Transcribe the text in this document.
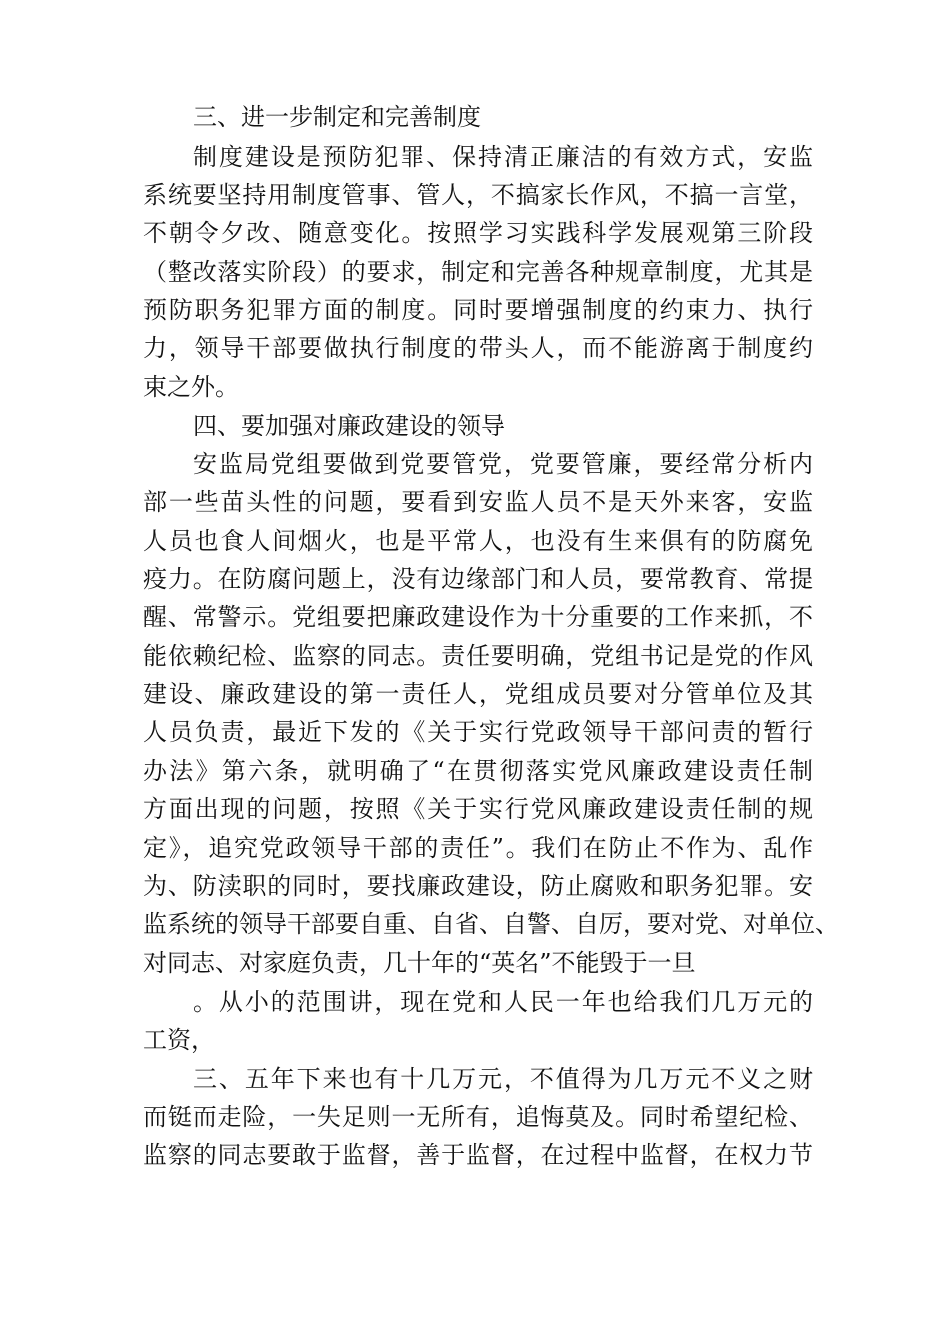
三、进一步制定和完善制度
制度建设是预防犯罪、保持清正廉洁的有效方式，安监
系统要坚持用制度管事、管人，不搞家长作风，不搞一言堂，
不朝令夕改、随意变化。按照学习实践科学发展观第三阶段
（整改落实阶段）的要求，制定和完善各种规章制度，尤其是
预防职务犯罪方面的制度。同时要增强制度的约束力、执行
力，领导干部要做执行制度的带头人，而不能游离于制度约
束之外。
四、要加强对廉政建设的领导
安监局党组要做到党要管党，党要管廉，要经常分析内
部一些苗头性的问题，要看到安监人员不是天外来客，安监
人员也食人间烟火，也是平常人，也没有生来俱有的防腐免
疫力。在防腐问题上，没有边缘部门和人员，要常教育、常提
醒、常警示。党组要把廉政建设作为十分重要的工作来抓，不
能依赖纪检、监察的同志。责任要明确，党组书记是党的作风
建设、廉政建设的第一责任人，党组成员要对分管单位及其
人员负责，最近下发的《关于实行党政领导干部问责的暂行
办法》第六条，就明确了“在贯彻落实党风廉政建设责任制
方面出现的问题，按照《关于实行党风廉政建设责任制的规
定》，追究党政领导干部的责任”。我们在防止不作为、乱作
为、防渎职的同时，要找廉政建设，防止腐败和职务犯罪。安
监系统的领导干部要自重、自省、自警、自厉，要对党、对单位、
对同志、对家庭负责，几十年的“英名”不能毁于一旦
。从小的范围讲，现在党和人民一年也给我们几万元的
工资，
三、五年下来也有十几万元，不值得为几万元不义之财
而铤而走险，一失足则一无所有，追悔莫及。同时希望纪检、
监察的同志要敢于监督，善于监督，在过程中监督，在权力节
